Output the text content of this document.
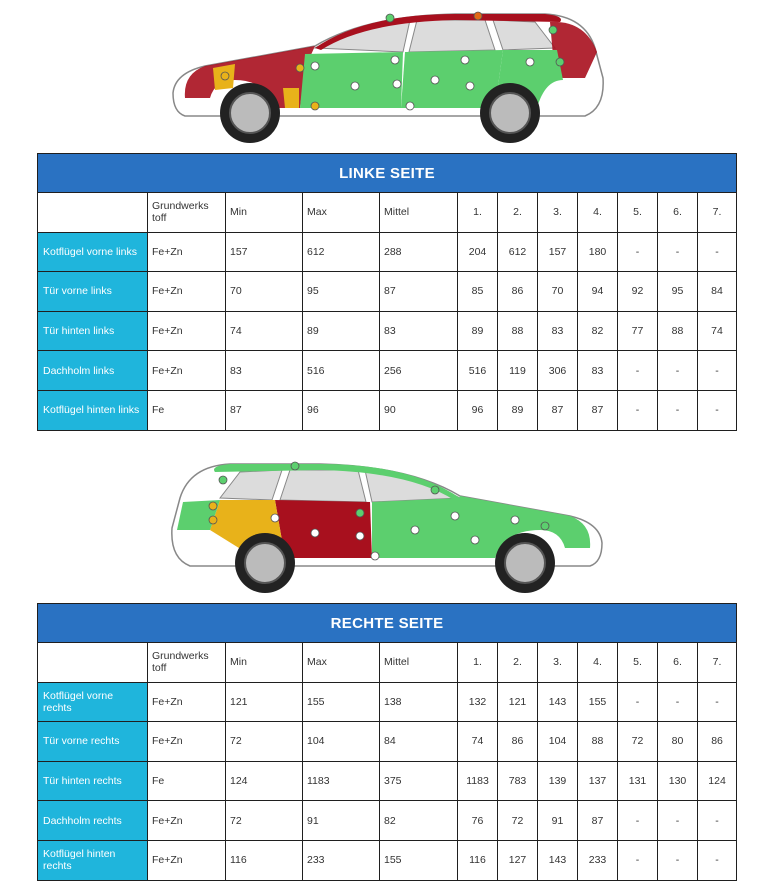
LINKE SEITE											
	Grundwerks toff	Min	Max	Mittel	1.	2.	3.	4.	5.	6.	7.
Kotflügel vorne links	Fe+Zn	157	612	288	204	612	157	180	-	-	-
Tür vorne links	Fe+Zn	70	95	87	85	86	70	94	92	95	84
Tür hinten links	Fe+Zn	74	89	83	89	88	83	82	77	88	74
Dachholm links	Fe+Zn	83	516	256	516	119	306	83	-	-	-
Kotflügel hinten links	Fe	87	96	90	96	89	87	87	-	-	-
RECHTE SEITE											
	Grundwerks toff	Min	Max	Mittel	1.	2.	3.	4.	5.	6.	7.
Kotflügel vorne rechts	Fe+Zn	121	155	138	132	121	143	155	-	-	-
Tür vorne rechts	Fe+Zn	72	104	84	74	86	104	88	72	80	86
Tür hinten rechts	Fe	124	1183	375	1183	783	139	137	131	130	124
Dachholm rechts	Fe+Zn	72	91	82	76	72	91	87	-	-	-
Kotflügel hinten rechts	Fe+Zn	116	233	155	116	127	143	233	-	-	-
